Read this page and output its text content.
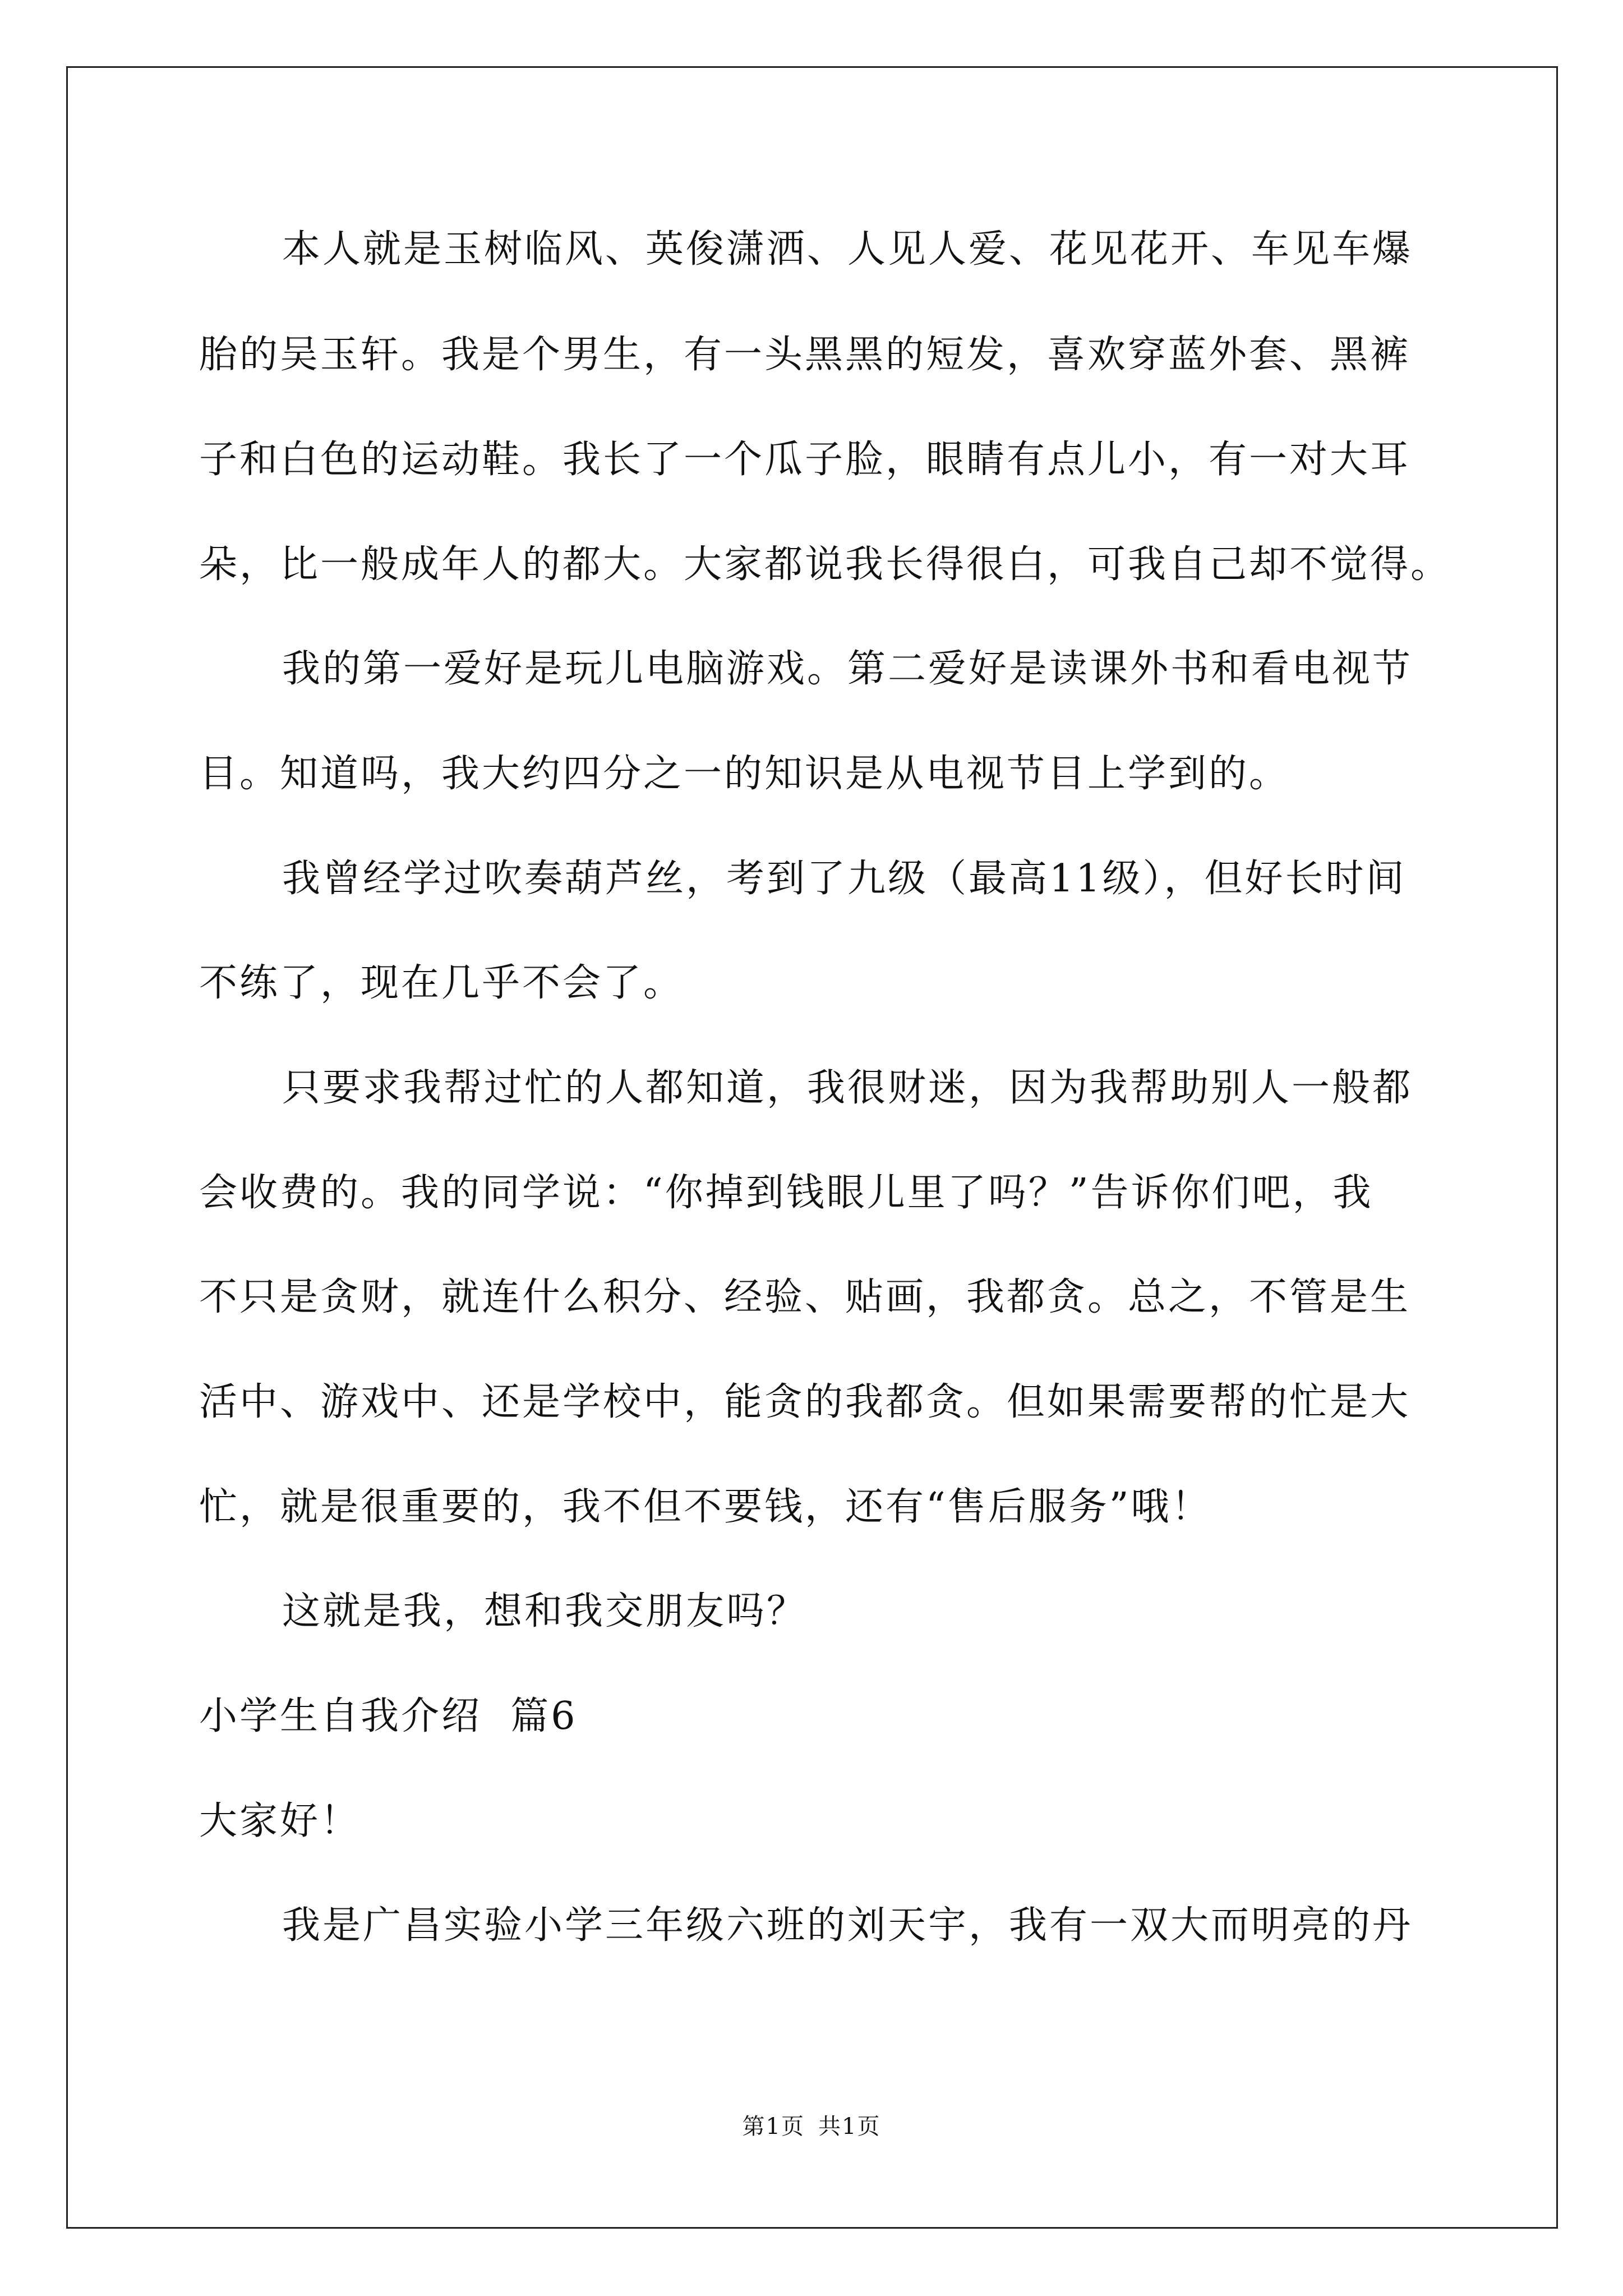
本人就是玉树临风、英俊潇洒、人见人爱、花见花开、车见车爆
胎的吴玉轩。我是个男生，有一头黑黑的短发，喜欢穿蓝外套、黑裤
子和白色的运动鞋。我长了一个瓜子脸，眼睛有点儿小，有一对大耳
朵，比一般成年人的都大。大家都说我长得很白，可我自己却不觉得。
我的第一爱好是玩儿电脑游戏。第二爱好是读课外书和看电视节
目。知道吗，我大约四分之一的知识是从电视节目上学到的。
我曾经学过吹奏葫芦丝，考到了九级（最高11级），但好长时间
不练了，现在几乎不会了。
只要求我帮过忙的人都知道，我很财迷，因为我帮助别人一般都
会收费的。我的同学说：“你掉到钱眼儿里了吗？”告诉你们吧，我
不只是贪财，就连什么积分、经验、贴画，我都贪。总之，不管是生
活中、游戏中、还是学校中，能贪的我都贪。但如果需要帮的忙是大
忙，就是很重要的，我不但不要钱，还有“售后服务”哦！
这就是我，想和我交朋友吗？
小学生自我介绍  篇6
大家好！
我是广昌实验小学三年级六班的刘天宇，我有一双大而明亮的丹
第1页 共1页
